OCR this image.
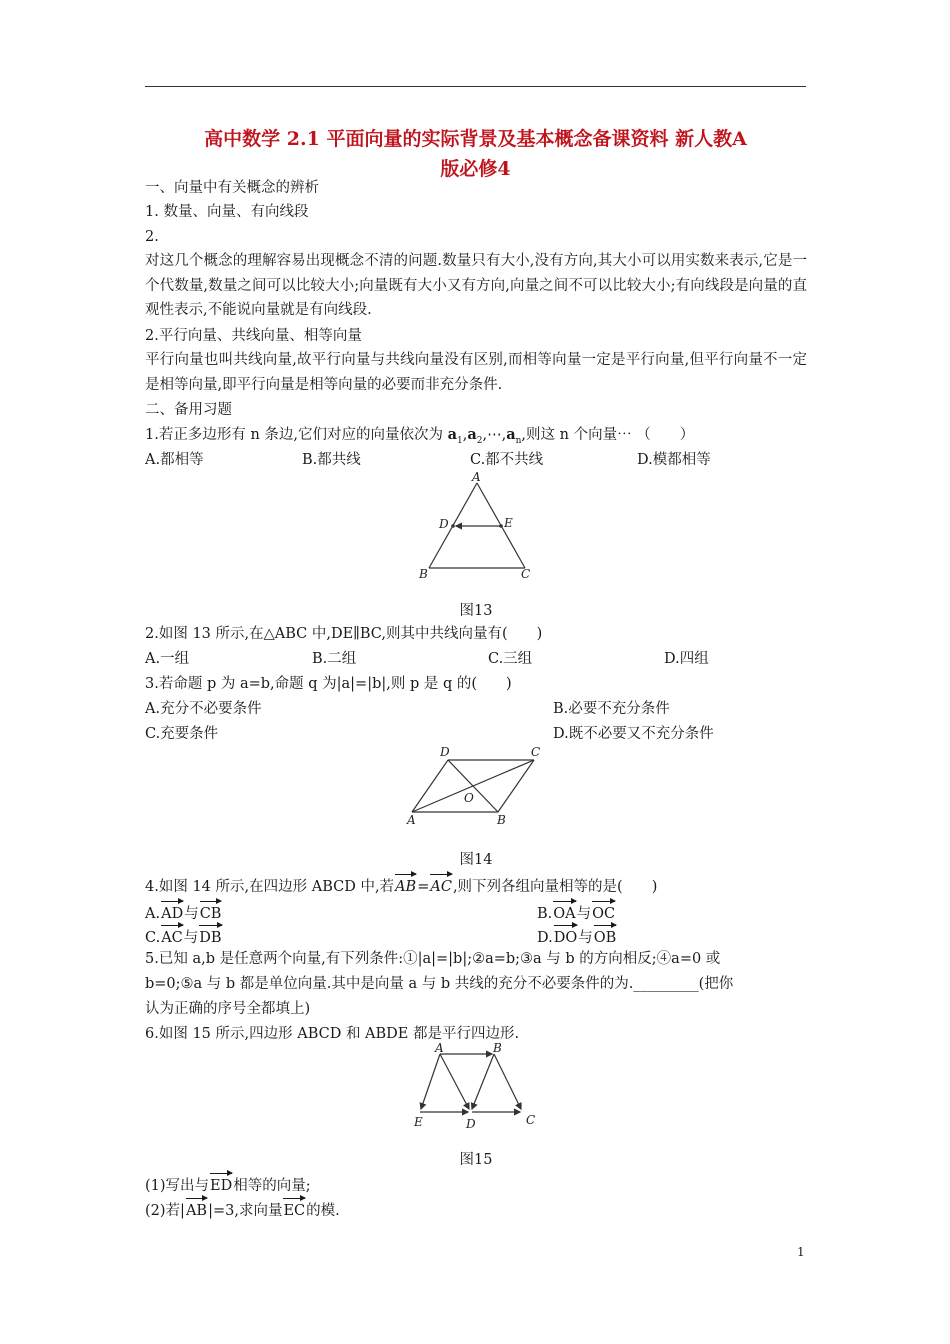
高中数学 2.1 平面向量的实际背景及基本概念备课资料 新人教A
版必修4
一、向量中有关概念的辨析
1. 数量、向量、有向线段
2.
对这几个概念的理解容易出现概念不清的问题.数量只有大小,没有方向,其大小可以用实数来表示,它是一个代数量,数量之间可以比较大小;向量既有大小又有方向,向量之间不可以比较大小;有向线段是向量的直观性表示,不能说向量就是有向线段.
2.平行向量、共线向量、相等向量
平行向量也叫共线向量,故平行向量与共线向量没有区别,而相等向量一定是平行向量,但平行向量不一定是相等向量,即平行向量是相等向量的必要而非充分条件.
二、备用习题
1.若正多边形有 n 条边,它们对应的向量依次为 $a_1,a_2,\cdots,a_n$,则这 n 个向量⋯ （　　）
A.都相等	B.都共线	C.都不共线	D.模都相等
A
D	E
B	C
图13
2.如图 13 所示,在△ABC 中,DE∥BC,则其中共线向量有(　　)
A.一组	B.二组	C.三组	D.四组
3.若命题 p 为 a=b,命题 q 为|a|=|b|,则 p 是 q 的(　　)
A.充分不必要条件	B.必要不充分条件
C.充要条件	D.既不必要又不充分条件
D	C
O
A	B
图14
4.如图 14 所示,在四边形 ABCD 中,若AB=AC,则下列各组向量相等的是(　　)
A.AD与CB	B.OA与OC
C.AC与DB	D.DO与OB
5.已知 a,b 是任意两个向量,有下列条件:①|a|=|b|;②a=b;③a 与 b 的方向相反;④a=0 或
b=0;⑤a 与 b 都是单位向量.其中是向量 a 与 b 共线的充分不必要条件的为._________(把你
认为正确的序号全都填上)
6.如图 15 所示,四边形 ABCD 和 ABDE 都是平行四边形.
A	B
E	D	C
图15
(1)写出与ED相等的向量;
(2)若|AB|=3,求向量EC的模.
1
